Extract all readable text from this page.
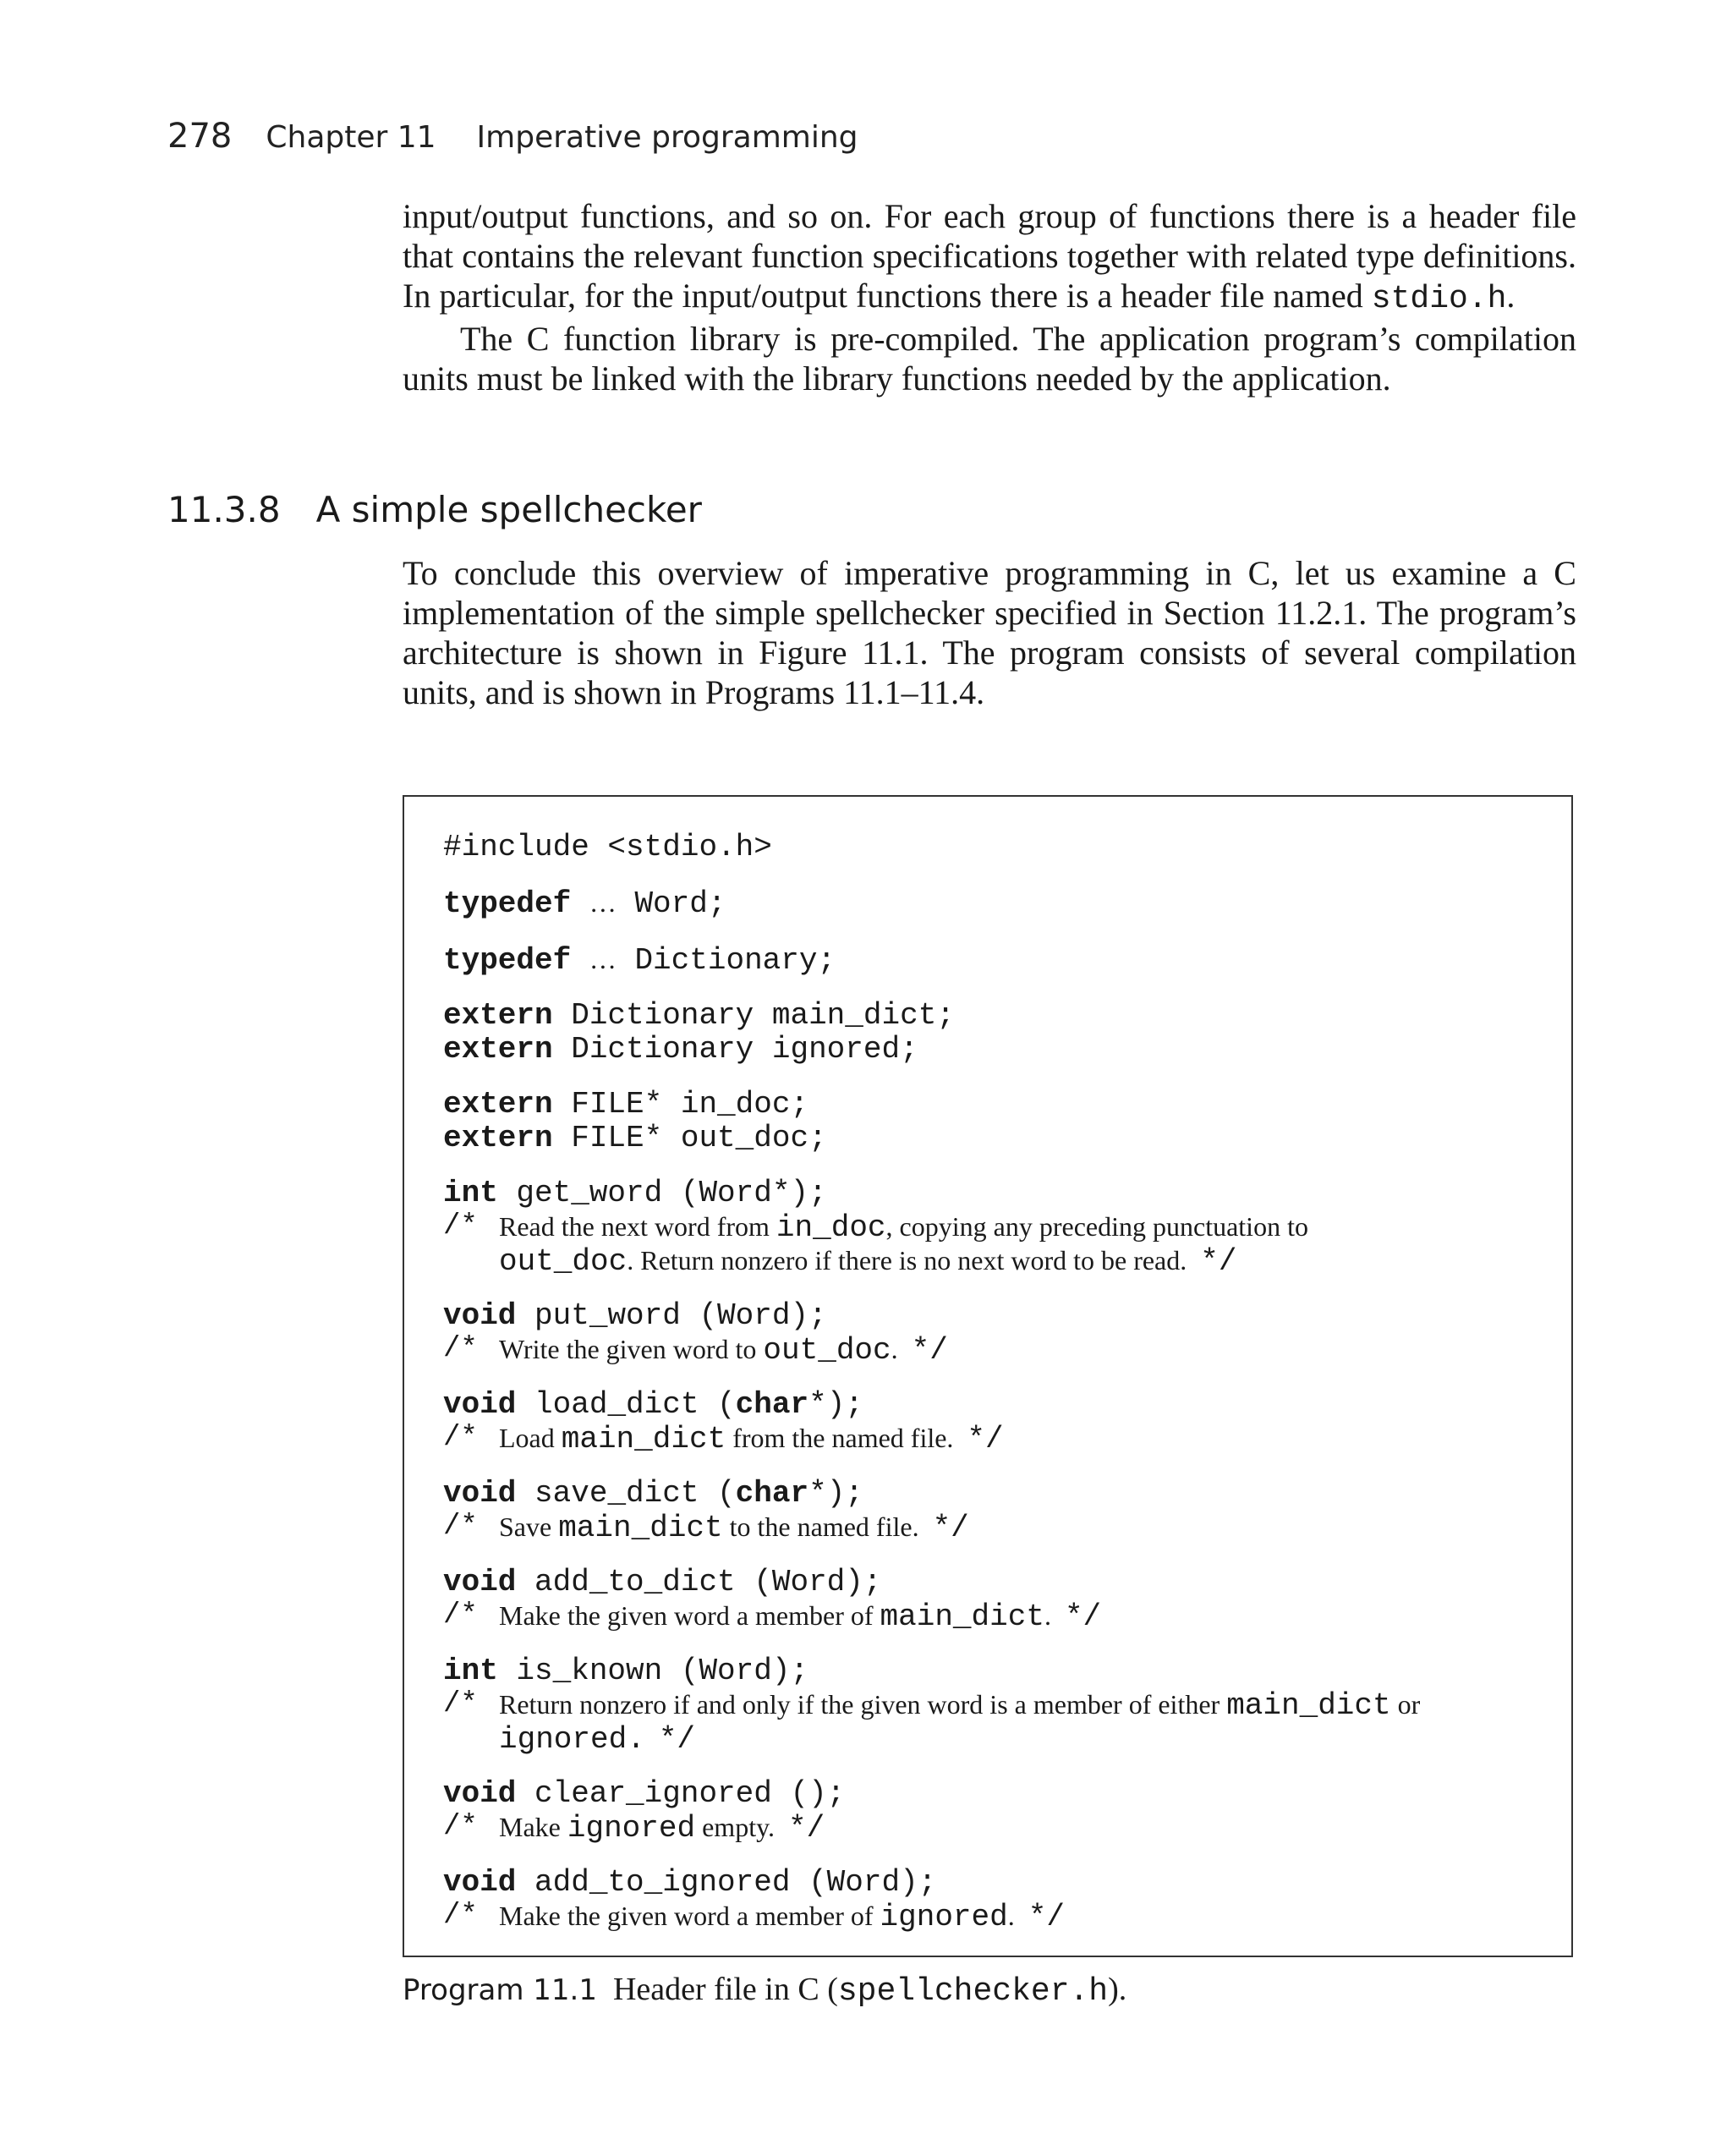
278 Chapter 11 Imperative programming

input/output functions, and so on. For each group of functions there is a header file that contains the relevant function specifications together with related type definitions. In particular, for the input/output functions there is a header file named stdio.h.

The C function library is pre-compiled. The application program’s compilation units must be linked with the library functions needed by the application.

11.3.8 A simple spellchecker

To conclude this overview of imperative programming in C, let us examine a C implementation of the simple spellchecker specified in Section 11.2.1. The program’s architecture is shown in Figure 11.1. The program consists of several compilation units, and is shown in Programs 11.1–11.4.

#include <stdio.h>
typedef … Word;
typedef … Dictionary;
extern Dictionary main_dict;
extern Dictionary ignored;
extern FILE* in_doc;
extern FILE* out_doc;
int get_word (Word*);
/* Read the next word from in_doc, copying any preceding punctuation to
out_doc. Return nonzero if there is no next word to be read. */
void put_word (Word);
/* Write the given word to out_doc. */
void load_dict (char*);
/* Load main_dict from the named file. */
void save_dict (char*);
/* Save main_dict to the named file. */
void add_to_dict (Word);
/* Make the given word a member of main_dict. */
int is_known (Word);
/* Return nonzero if and only if the given word is a member of either main_dict or
ignored. */
void clear_ignored ();
/* Make ignored empty. */
void add_to_ignored (Word);
/* Make the given word a member of ignored. */
Program 11.1 Header file in C (spellchecker.h).
